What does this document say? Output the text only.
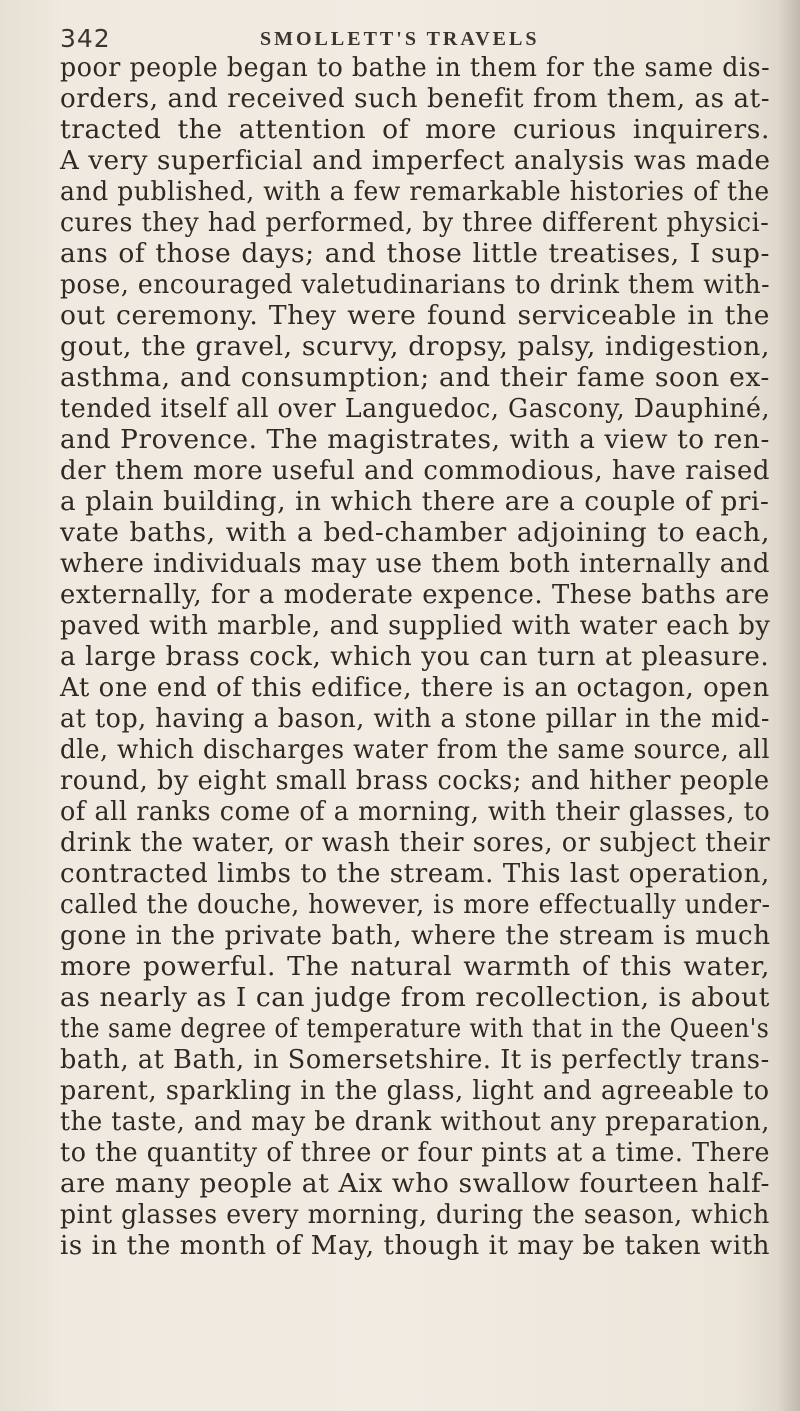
342	SMOLLETT'S TRAVELS
poor people began to bathe in them for the same dis-
orders, and received such benefit from them, as at-
tracted the attention of more curious inquirers.
A very superficial and imperfect analysis was made
and published, with a few remarkable histories of the
cures they had performed, by three different physici-
ans of those days; and those little treatises, I sup-
pose, encouraged valetudinarians to drink them with-
out ceremony. They were found serviceable in the
gout, the gravel, scurvy, dropsy, palsy, indigestion,
asthma, and consumption; and their fame soon ex-
tended itself all over Languedoc, Gascony, Dauphiné,
and Provence. The magistrates, with a view to ren-
der them more useful and commodious, have raised
a plain building, in which there are a couple of pri-
vate baths, with a bed-chamber adjoining to each,
where individuals may use them both internally and
externally, for a moderate expence. These baths are
paved with marble, and supplied with water each by
a large brass cock, which you can turn at pleasure.
At one end of this edifice, there is an octagon, open
at top, having a bason, with a stone pillar in the mid-
dle, which discharges water from the same source, all
round, by eight small brass cocks; and hither people
of all ranks come of a morning, with their glasses, to
drink the water, or wash their sores, or subject their
contracted limbs to the stream. This last operation,
called the douche, however, is more effectually under-
gone in the private bath, where the stream is much
more powerful. The natural warmth of this water,
as nearly as I can judge from recollection, is about
the same degree of temperature with that in the Queen's
bath, at Bath, in Somersetshire. It is perfectly trans-
parent, sparkling in the glass, light and agreeable to
the taste, and may be drank without any preparation,
to the quantity of three or four pints at a time. There
are many people at Aix who swallow fourteen half-
pint glasses every morning, during the season, which
is in the month of May, though it may be taken with
